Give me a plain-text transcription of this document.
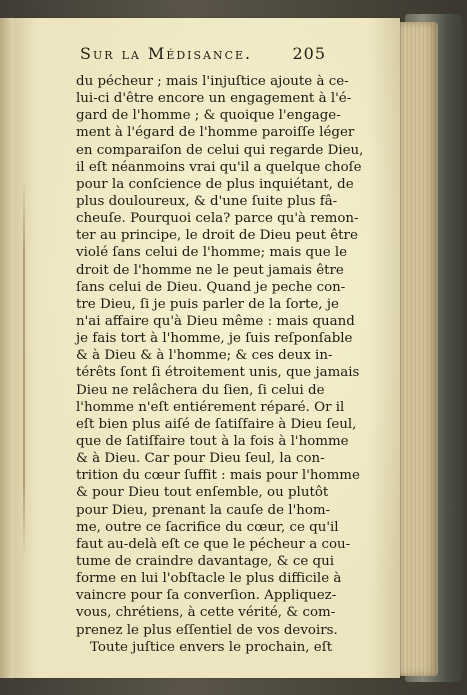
Sur la Médisance.	205
du pécheur ; mais l'injuſtice ajoute à ce-
lui-ci d'être encore un engagement à l'é-
gard de l'homme ; & quoique l'engage-
ment à l'égard de l'homme paroiſſe léger
en comparaiſon de celui qui regarde Dieu,
il eſt néanmoins vrai qu'il a quelque choſe
pour la conſcience de plus inquiétant, de
plus douloureux, & d'une ſuite plus fâ-
cheuſe. Pourquoi cela? parce qu'à remon-
ter au principe, le droit de Dieu peut être
violé ſans celui de l'homme; mais que le
droit de l'homme ne le peut jamais être
ſans celui de Dieu. Quand je peche con-
tre Dieu, ſi je puis parler de la ſorte, je
n'ai affaire qu'à Dieu même : mais quand
je fais tort à l'homme, je ſuis reſponſable
& à Dieu & à l'homme; & ces deux in-
térêts ſont ſi étroitement unis, que jamais
Dieu ne relâchera du ſien, ſi celui de
l'homme n'eſt entiérement réparé. Or il
eſt bien plus aiſé de ſatiſfaire à Dieu ſeul,
que de ſatiſfaire tout à la fois à l'homme
& à Dieu. Car pour Dieu ſeul, la con-
trition du cœur ſuffit : mais pour l'homme
& pour Dieu tout enſemble, ou plutôt
pour Dieu, prenant la cauſe de l'hom-
me, outre ce ſacrifice du cœur, ce qu'il
faut au-delà eſt ce que le pécheur a cou-
tume de craindre davantage, & ce qui
forme en lui l'obſtacle le plus difficile à
vaincre pour ſa converſion. Appliquez-
vous, chrétiens, à cette vérité, & com-
prenez le plus eſſentiel de vos devoirs.
Toute juſtice envers le prochain, eſt
